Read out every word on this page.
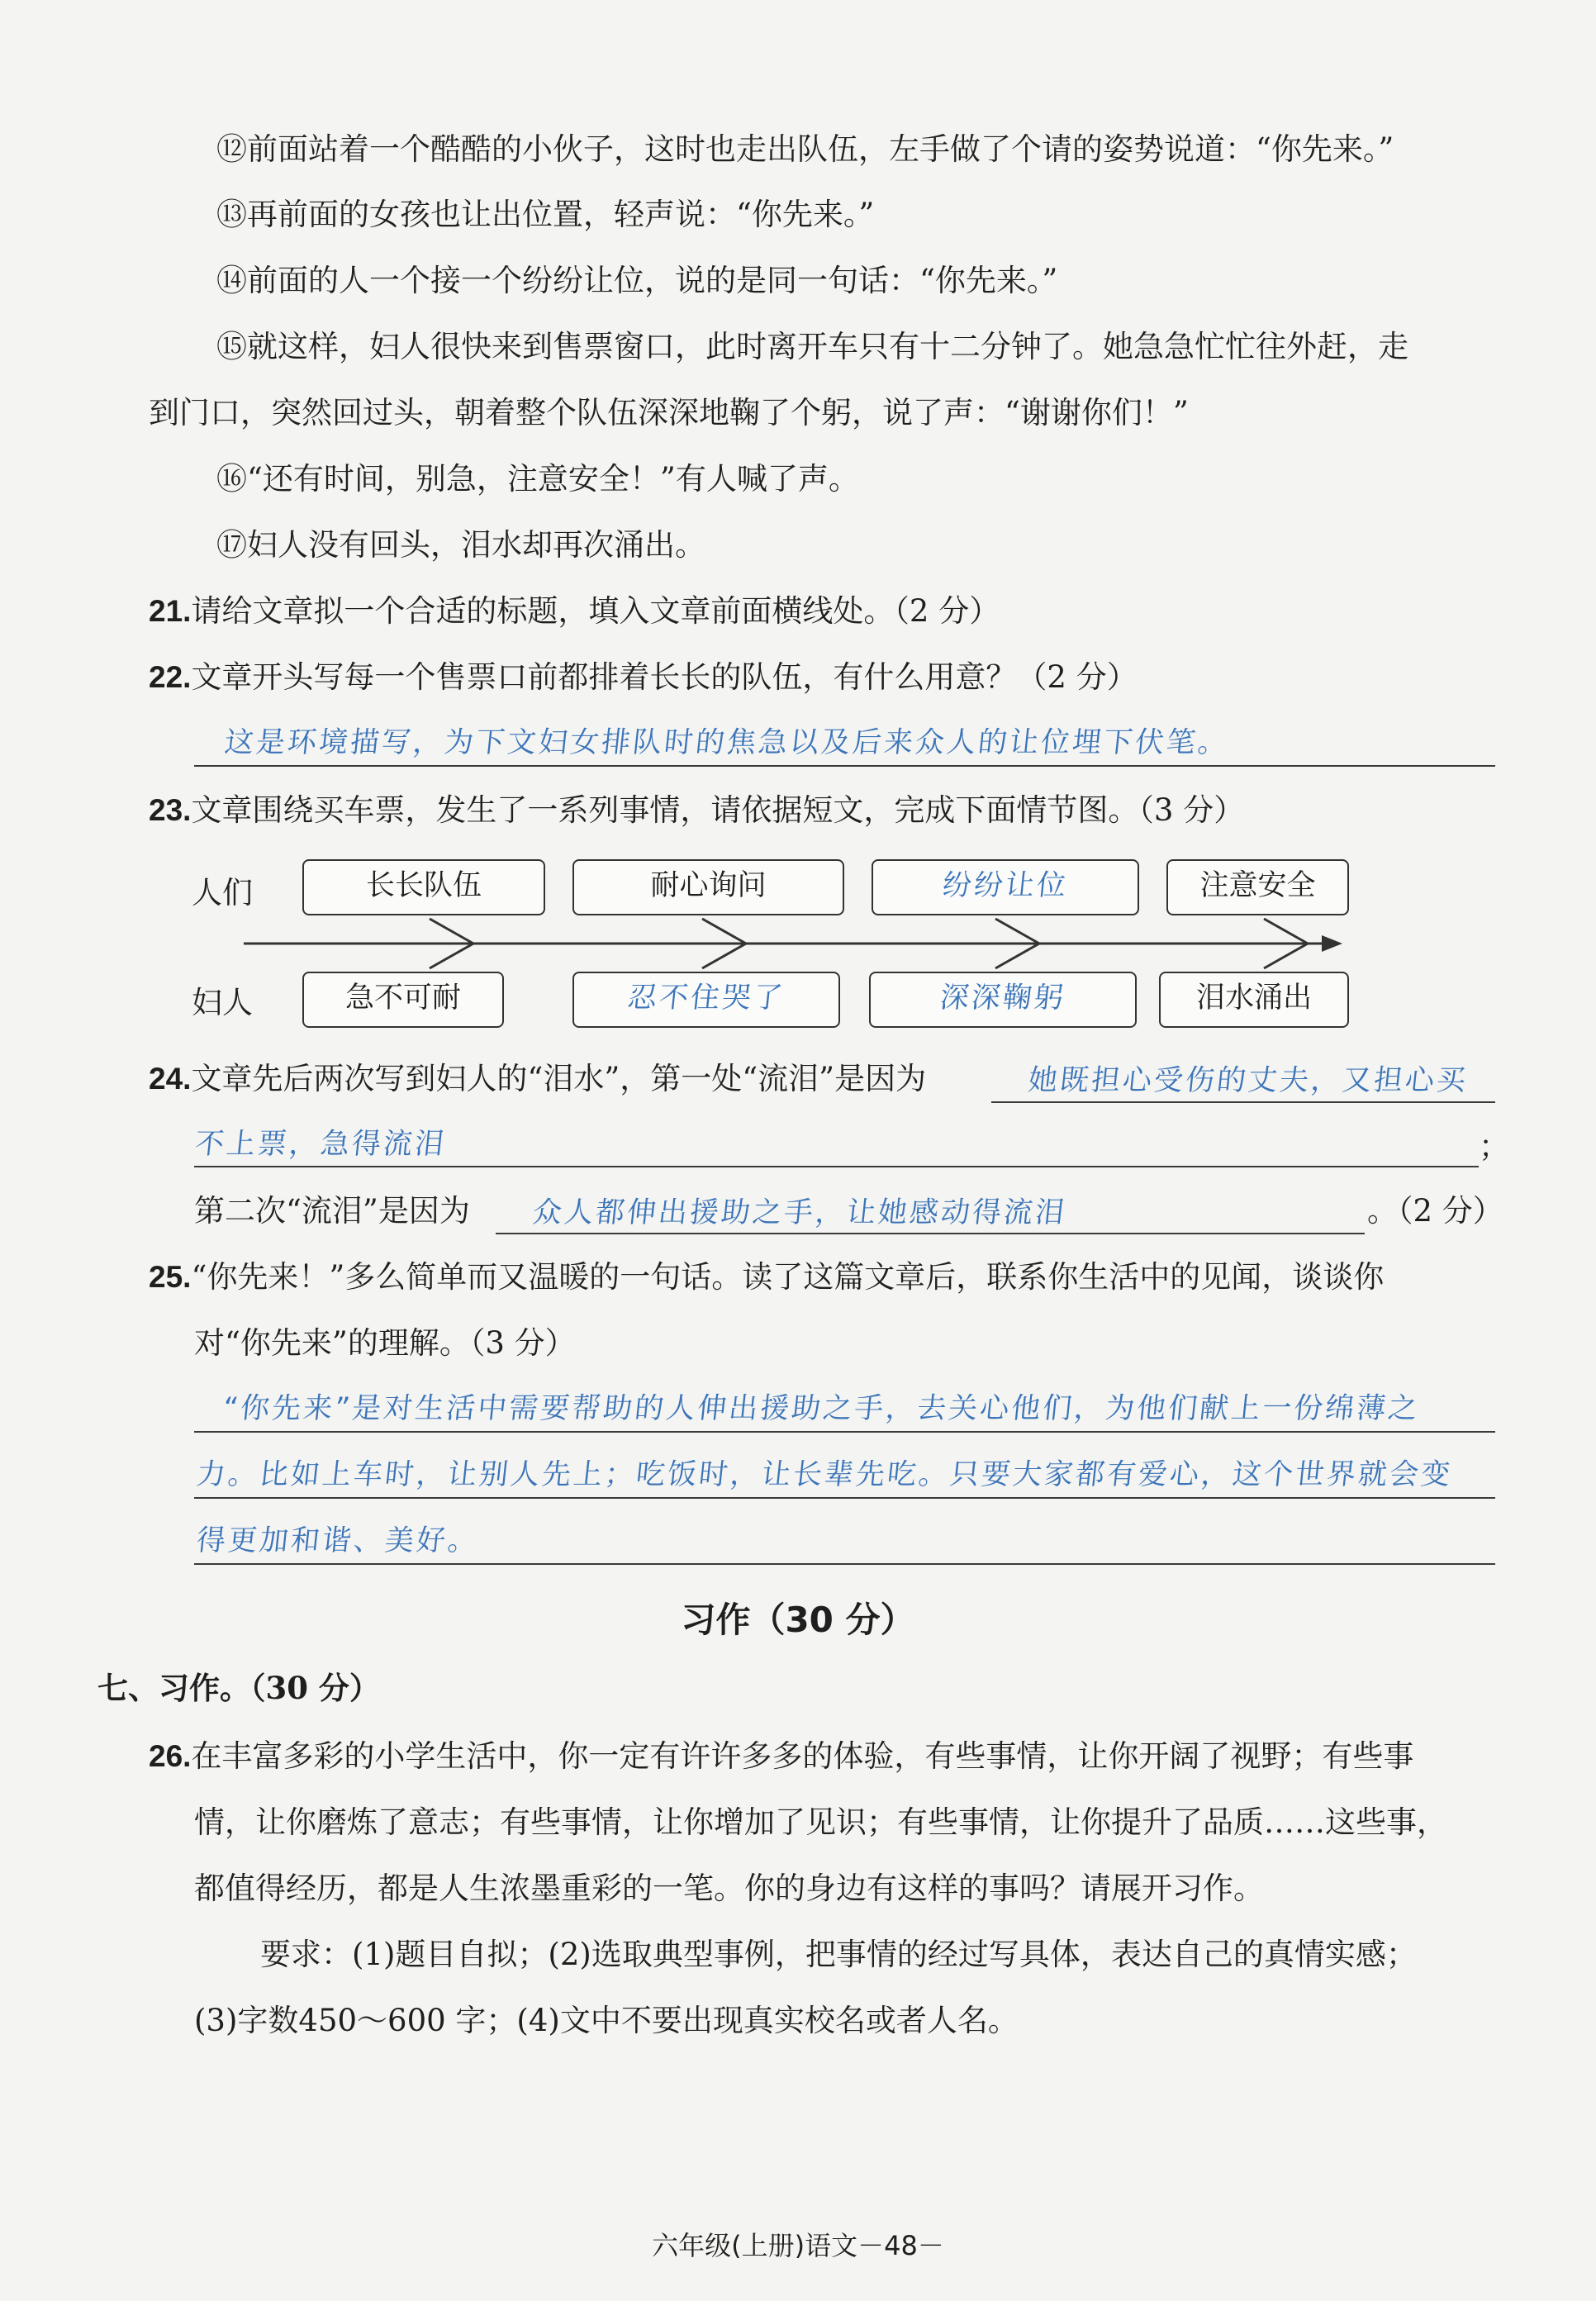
⑫前面站着一个酷酷的小伙子，这时也走出队伍，左手做了个请的姿势说道：“你先来。”
⑬再前面的女孩也让出位置，轻声说：“你先来。”
⑭前面的人一个接一个纷纷让位，说的是同一句话：“你先来。”
⑮就这样，妇人很快来到售票窗口，此时离开车只有十二分钟了。她急急忙忙往外赶，走
到门口，突然回过头，朝着整个队伍深深地鞠了个躬，说了声：“谢谢你们！”
⑯“还有时间，别急，注意安全！”有人喊了声。
⑰妇人没有回头，泪水却再次涌出。
21.请给文章拟一个合适的标题，填入文章前面横线处。（2 分）
22.文章开头写每一个售票口前都排着长长的队伍，有什么用意？（2 分）
这是环境描写，为下文妇女排队时的焦急以及后来众人的让位埋下伏笔。
23.文章围绕买车票，发生了一系列事情，请依据短文，完成下面情节图。（3 分）
人们
妇人
长长队伍	耐心询问	纷纷让位	注意安全
急不可耐	忍不住哭了	深深鞠躬	泪水涌出
24.文章先后两次写到妇人的“泪水”，第一处“流泪”是因为	她既担心受伤的丈夫，又担心买
不上票，急得流泪	；
第二次“流泪”是因为 众人都伸出援助之手，让她感动得流泪	。（2 分）
25.“你先来！”多么简单而又温暖的一句话。读了这篇文章后，联系你生活中的见闻，谈谈你
对“你先来”的理解。（3 分）
“你先来”是对生活中需要帮助的人伸出援助之手，去关心他们，为他们献上一份绵薄之
力。比如上车时，让别人先上；吃饭时，让长辈先吃。只要大家都有爱心，这个世界就会变
得更加和谐、美好。
习作（30 分）
七、习作。（30 分）
26.在丰富多彩的小学生活中，你一定有许许多多的体验，有些事情，让你开阔了视野；有些事
情，让你磨炼了意志；有些事情，让你增加了见识；有些事情，让你提升了品质……这些事，
都值得经历，都是人生浓墨重彩的一笔。你的身边有这样的事吗？请展开习作。
要求：(1)题目自拟；(2)选取典型事例，把事情的经过写具体，表达自己的真情实感；
(3)字数450～600 字；(4)文中不要出现真实校名或者人名。
六年级(上册)语文－48－
